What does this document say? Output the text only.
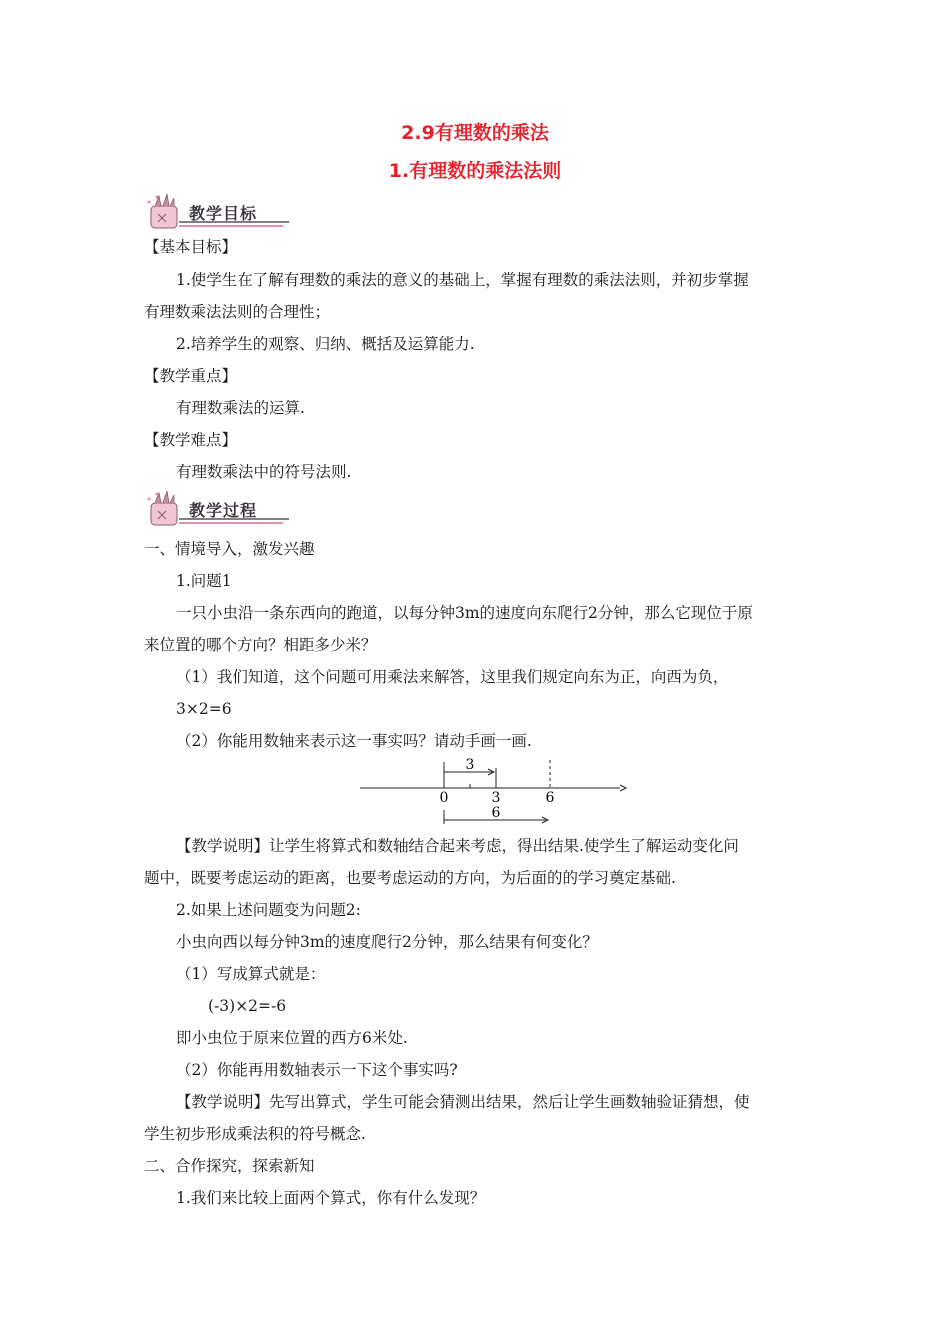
2.9有理数的乘法
1.有理数的乘法法则
教学目标
【基本目标】
1.使学生在了解有理数的乘法的意义的基础上，掌握有理数的乘法法则，并初步掌握
有理数乘法法则的合理性；
2.培养学生的观察、归纳、概括及运算能力.
【教学重点】
有理数乘法的运算.
【教学难点】
有理数乘法中的符号法则.
教学过程
一、情境导入，激发兴趣
1.问题1
一只小虫沿一条东西向的跑道，以每分钟3m的速度向东爬行2分钟，那么它现位于原
来位置的哪个方向？相距多少米？
（1）我们知道，这个问题可用乘法来解答，这里我们规定向东为正，向西为负，
3×2=6
（2）你能用数轴来表示这一事实吗？请动手画一画.
3
0	3	6
6
【教学说明】让学生将算式和数轴结合起来考虑，得出结果.使学生了解运动变化问
题中，既要考虑运动的距离，也要考虑运动的方向，为后面的的学习奠定基础.
2.如果上述问题变为问题2:
小虫向西以每分钟3m的速度爬行2分钟，那么结果有何变化？
（1）写成算式就是：
(-3)×2=-6
即小虫位于原来位置的西方6米处.
（2）你能再用数轴表示一下这个事实吗?
【教学说明】先写出算式，学生可能会猜测出结果，然后让学生画数轴验证猜想，使
学生初步形成乘法积的符号概念.
二、合作探究，探索新知
1.我们来比较上面两个算式，你有什么发现？
